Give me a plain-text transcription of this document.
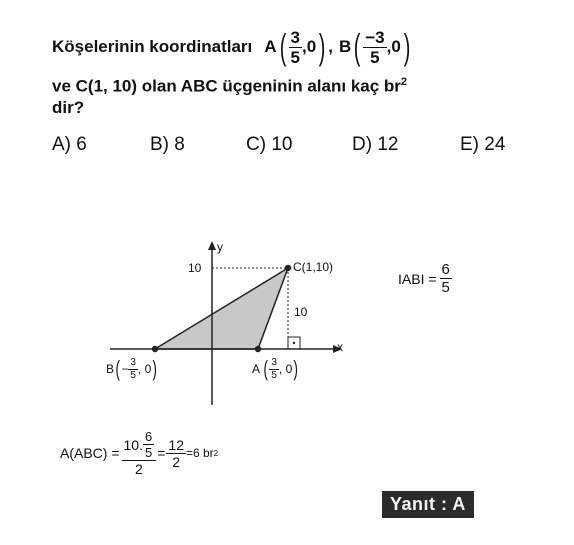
Köşelerinin koordinatları A ( $\frac{3}{5} ,0$ ) , B ( $\frac{-3}{5} ,0$ )
ve C(1, 10) olan ABC üçgeninin alanı kaç $br^2$
dir?
A) 6	B) 8	C) 10	D) 12	E) 24
y
x
10	C(1,10)
10
B ( − $\frac{3}{5}$ , 0 )	A ( $\frac{3}{5}$ , 0 )
IABI = $\frac{6}{5}$
$A(ABC) = \frac{10. \frac{6}{5}}{2} = \frac{12}{2} =6$ br 2
Yanıt : A
